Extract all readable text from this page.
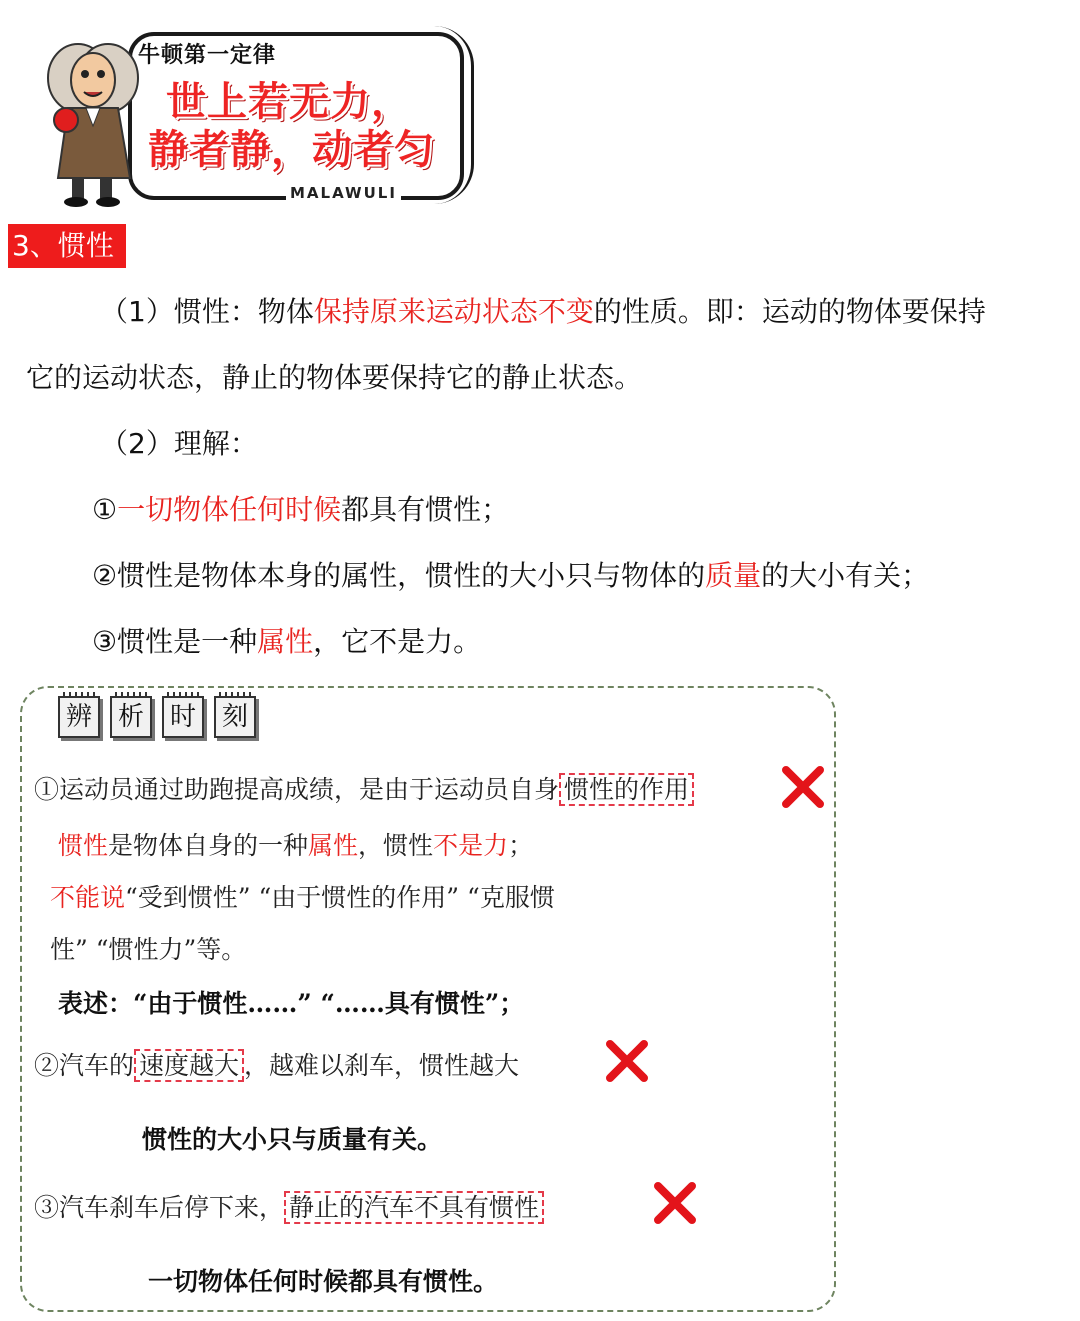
牛顿第一定律
世上若无力，
静者静，动者匀
MALAWULI
3、惯性
（1）惯性：物体保持原来运动状态不变的性质。即：运动的物体要保持
它的运动状态，静止的物体要保持它的静止状态。
（2）理解：
①一切物体任何时候都具有惯性；
②惯性是物体本身的属性，惯性的大小只与物体的质量的大小有关；
③惯性是一种属性，它不是力。
辨 析 时 刻
①运动员通过助跑提高成绩，是由于运动员自身 惯性的作用
惯性是物体自身的一种属性，惯性不是力；
不能说“受到惯性” “由于惯性的作用” “克服惯
性” “惯性力”等。
表述：“由于惯性……” “……具有惯性”；
②汽车的 速度越大 ，越难以刹车，惯性越大
惯性的大小只与质量有关。
③汽车刹车后停下来， 静止的汽车不具有惯性
一切物体任何时候都具有惯性。
